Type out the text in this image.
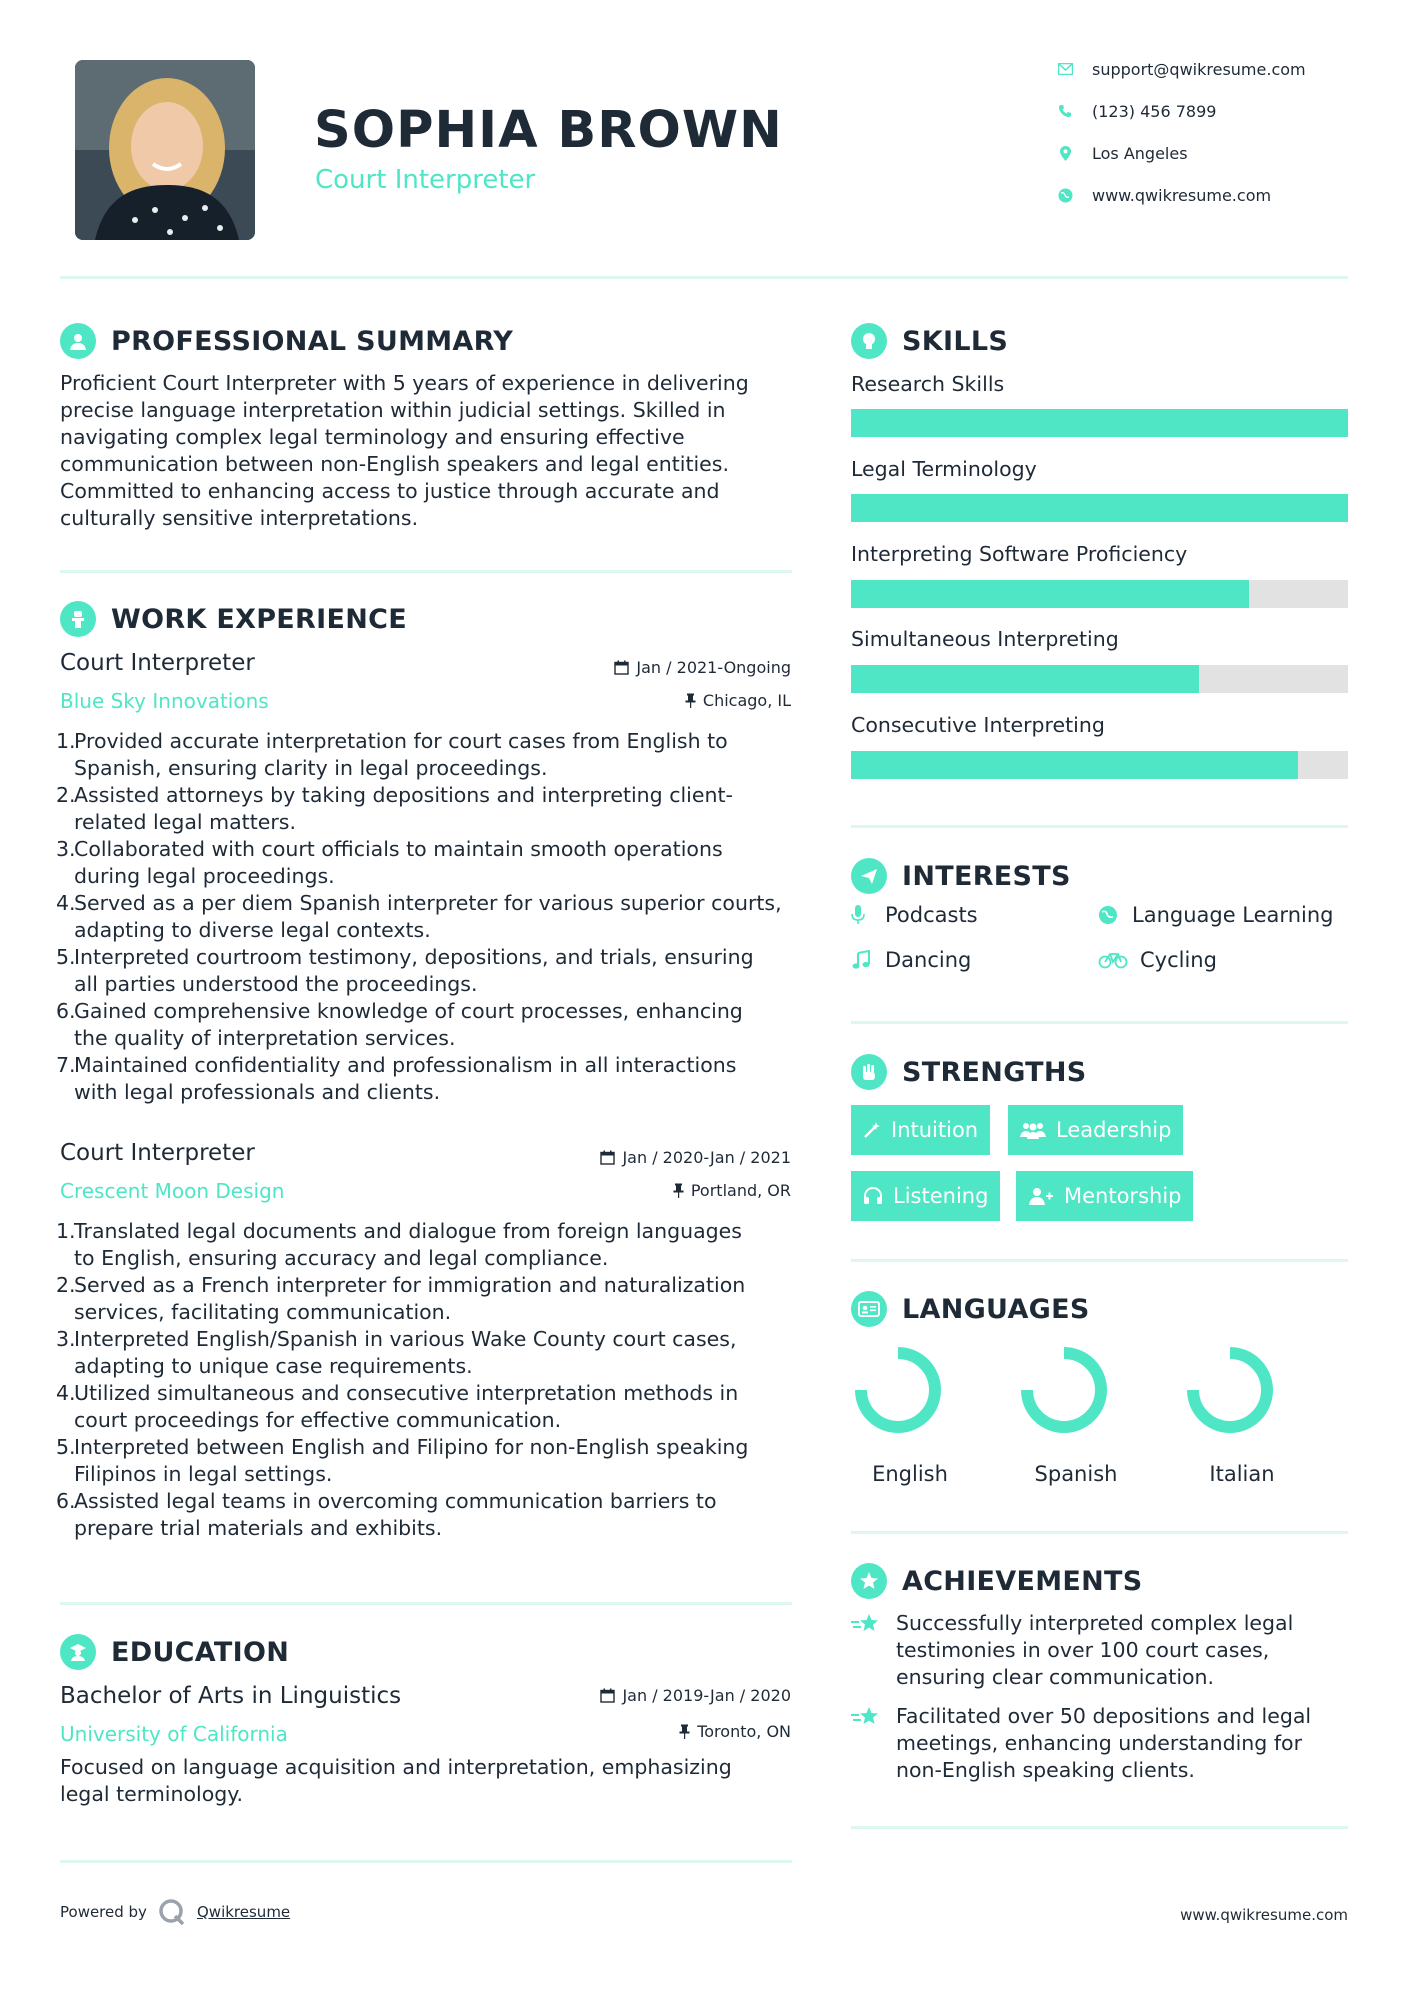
SOPHIA BROWN
Court Interpreter
support@qwikresume.com
(123) 456 7899
Los Angeles
www.qwikresume.com
PROFESSIONAL SUMMARY
Proficient Court Interpreter with 5 years of experience in delivering
precise language interpretation within judicial settings. Skilled in
navigating complex legal terminology and ensuring effective
communication between non-English speakers and legal entities.
Committed to enhancing access to justice through accurate and
culturally sensitive interpretations.
WORK EXPERIENCE
Court Interpreter
Blue Sky Innovations
Jan / 2021-Ongoing
Chicago, IL
1.
Provided accurate interpretation for court cases from English to
Spanish, ensuring clarity in legal proceedings.
2.
Assisted attorneys by taking depositions and interpreting client-
related legal matters.
3.
Collaborated with court officials to maintain smooth operations
during legal proceedings.
4.
Served as a per diem Spanish interpreter for various superior courts,
adapting to diverse legal contexts.
5.
Interpreted courtroom testimony, depositions, and trials, ensuring
all parties understood the proceedings.
6.
Gained comprehensive knowledge of court processes, enhancing
the quality of interpretation services.
7.
Maintained confidentiality and professionalism in all interactions
with legal professionals and clients.
Court Interpreter
Crescent Moon Design
Jan / 2020-Jan / 2021
Portland, OR
1.
Translated legal documents and dialogue from foreign languages
to English, ensuring accuracy and legal compliance.
2.
Served as a French interpreter for immigration and naturalization
services, facilitating communication.
3.
Interpreted English/Spanish in various Wake County court cases,
adapting to unique case requirements.
4.
Utilized simultaneous and consecutive interpretation methods in
court proceedings for effective communication.
5.
Interpreted between English and Filipino for non-English speaking
Filipinos in legal settings.
6.
Assisted legal teams in overcoming communication barriers to
prepare trial materials and exhibits.
EDUCATION
Bachelor of Arts in Linguistics
University of California
Jan / 2019-Jan / 2020
Toronto, ON
Focused on language acquisition and interpretation, emphasizing
legal terminology.
SKILLS
Research Skills
Legal Terminology
Interpreting Software Proficiency
Simultaneous Interpreting
Consecutive Interpreting
INTERESTS
Podcasts	Language Learning
Dancing	Cycling
STRENGTHS
Intuition	Leadership
Listening	Mentorship
LANGUAGES
English	Spanish	Italian
ACHIEVEMENTS
Successfully interpreted complex legal
testimonies in over 100 court cases,
ensuring clear communication.
Facilitated over 50 depositions and legal
meetings, enhancing understanding for
non-English speaking clients.
Powered by	Qwikresume	www.qwikresume.com
